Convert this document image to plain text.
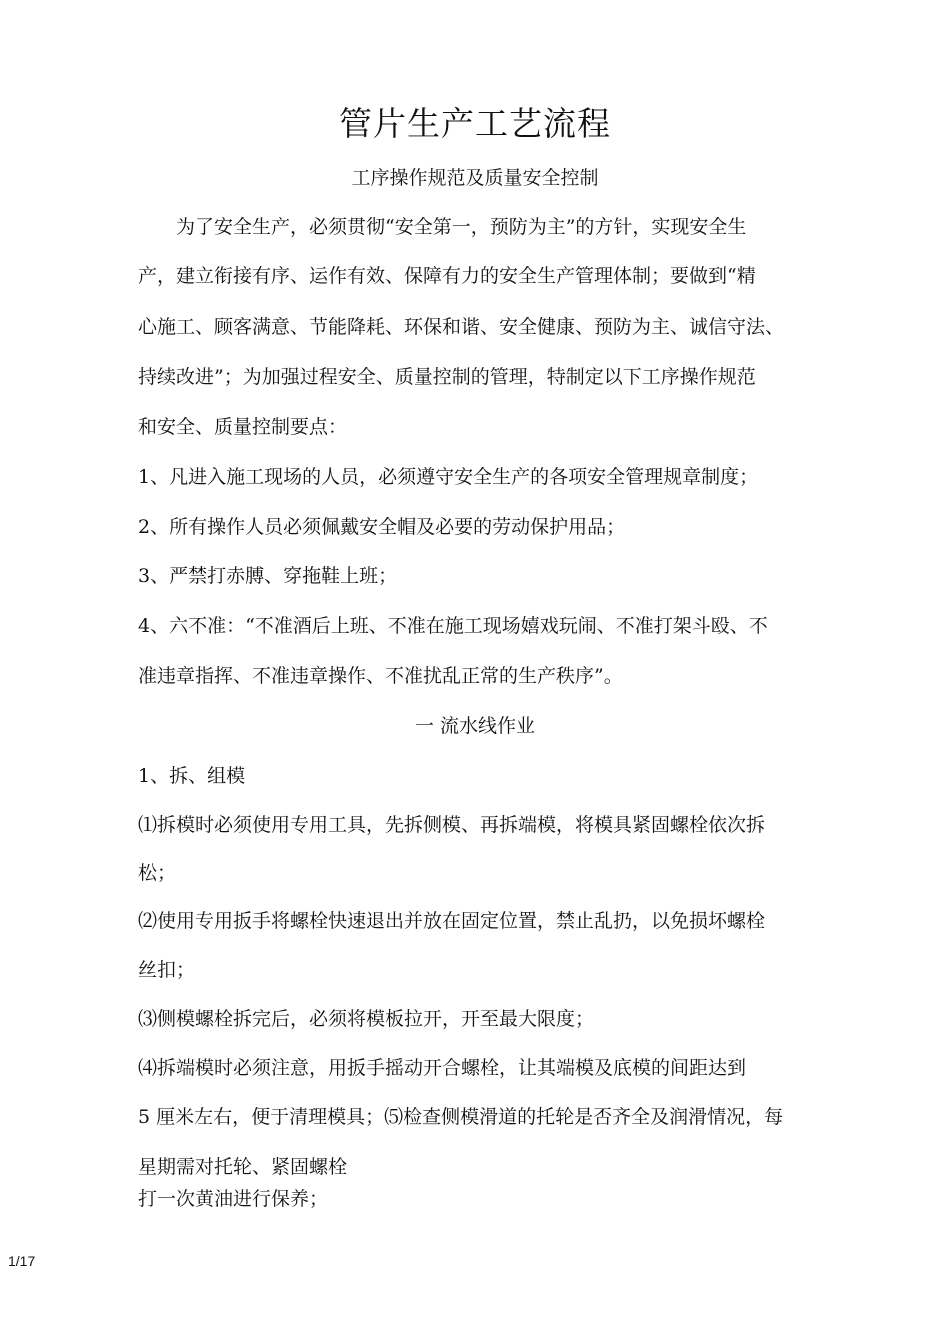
管片生产工艺流程
工序操作规范及质量安全控制
　　为了安全生产，必须贯彻“安全第一，预防为主”的方针，实现安全生
产，建立衔接有序、运作有效、保障有力的安全生产管理体制；要做到“精
心施工、顾客满意、节能降耗、环保和谐、安全健康、预防为主、诚信守法、
持续改进”；为加强过程安全、质量控制的管理，特制定以下工序操作规范
和安全、质量控制要点：
1、凡进入施工现场的人员，必须遵守安全生产的各项安全管理规章制度；
2、所有操作人员必须佩戴安全帽及必要的劳动保护用品；
3、严禁打赤膊、穿拖鞋上班；
4、六不准：“不准酒后上班、不准在施工现场嬉戏玩闹、不准打架斗殴、不
准违章指挥、不准违章操作、不准扰乱正常的生产秩序”。
一 流水线作业
1、拆、组模
⑴拆模时必须使用专用工具，先拆侧模、再拆端模，将模具紧固螺栓依次拆
松；
⑵使用专用扳手将螺栓快速退出并放在固定位置，禁止乱扔，以免损坏螺栓
丝扣；
⑶侧模螺栓拆完后，必须将模板拉开，开至最大限度；
⑷拆端模时必须注意，用扳手摇动开合螺栓，让其端模及底模的间距达到
5 厘米左右，便于清理模具；⑸检查侧模滑道的托轮是否齐全及润滑情况，每
星期需对托轮、紧固螺栓
打一次黄油进行保养；
1/17
